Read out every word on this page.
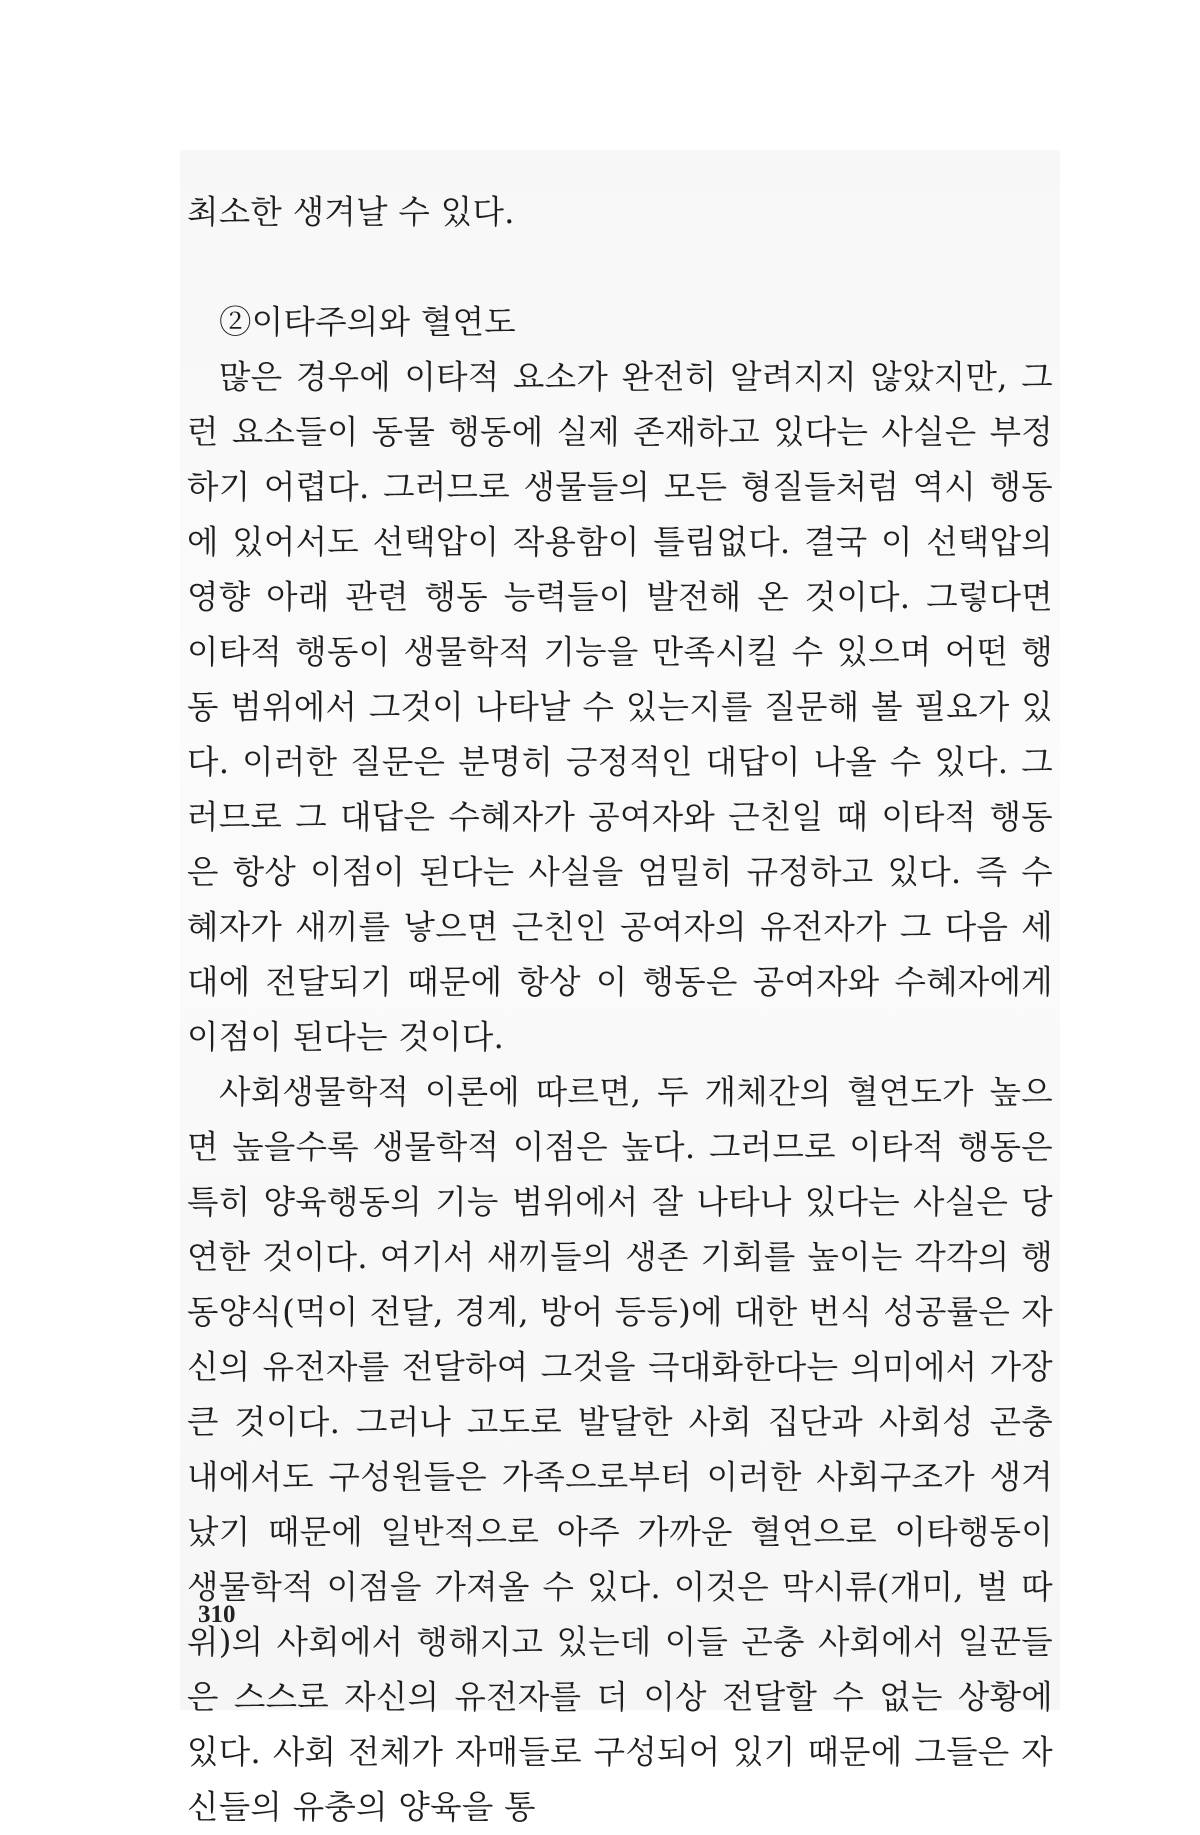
최소한 생겨날 수 있다.

②이타주의와 혈연도

많은 경우에 이타적 요소가 완전히 알려지지 않았지만, 그런 요소들이 동물 행동에 실제 존재하고 있다는 사실은 부정하기 어렵다. 그러므로 생물들의 모든 형질들처럼 역시 행동에 있어서도 선택압이 작용함이 틀림없다. 결국 이 선택압의 영향 아래 관련 행동 능력들이 발전해 온 것이다. 그렇다면 이타적 행동이 생물학적 기능을 만족시킬 수 있으며 어떤 행동 범위에서 그것이 나타날 수 있는지를 질문해 볼 필요가 있다. 이러한 질문은 분명히 긍정적인 대답이 나올 수 있다. 그러므로 그 대답은 수혜자가 공여자와 근친일 때 이타적 행동은 항상 이점이 된다는 사실을 엄밀히 규정하고 있다. 즉 수혜자가 새끼를 낳으면 근친인 공여자의 유전자가 그 다음 세대에 전달되기 때문에 항상 이 행동은 공여자와 수혜자에게 이점이 된다는 것이다.

사회생물학적 이론에 따르면, 두 개체간의 혈연도가 높으면 높을수록 생물학적 이점은 높다. 그러므로 이타적 행동은 특히 양육행동의 기능 범위에서 잘 나타나 있다는 사실은 당연한 것이다. 여기서 새끼들의 생존 기회를 높이는 각각의 행동양식(먹이 전달, 경계, 방어 등등)에 대한 번식 성공률은 자신의 유전자를 전달하여 그것을 극대화한다는 의미에서 가장 큰 것이다. 그러나 고도로 발달한 사회 집단과 사회성 곤충 내에서도 구성원들은 가족으로부터 이러한 사회구조가 생겨났기 때문에 일반적으로 아주 가까운 혈연으로 이타행동이 생물학적 이점을 가져올 수 있다. 이것은 막시류(개미, 벌 따위)의 사회에서 행해지고 있는데 이들 곤충 사회에서 일꾼들은 스스로 자신의 유전자를 더 이상 전달할 수 없는 상황에 있다. 사회 전체가 자매들로 구성되어 있기 때문에 그들은 자신들의 유충의 양육을 통

310
